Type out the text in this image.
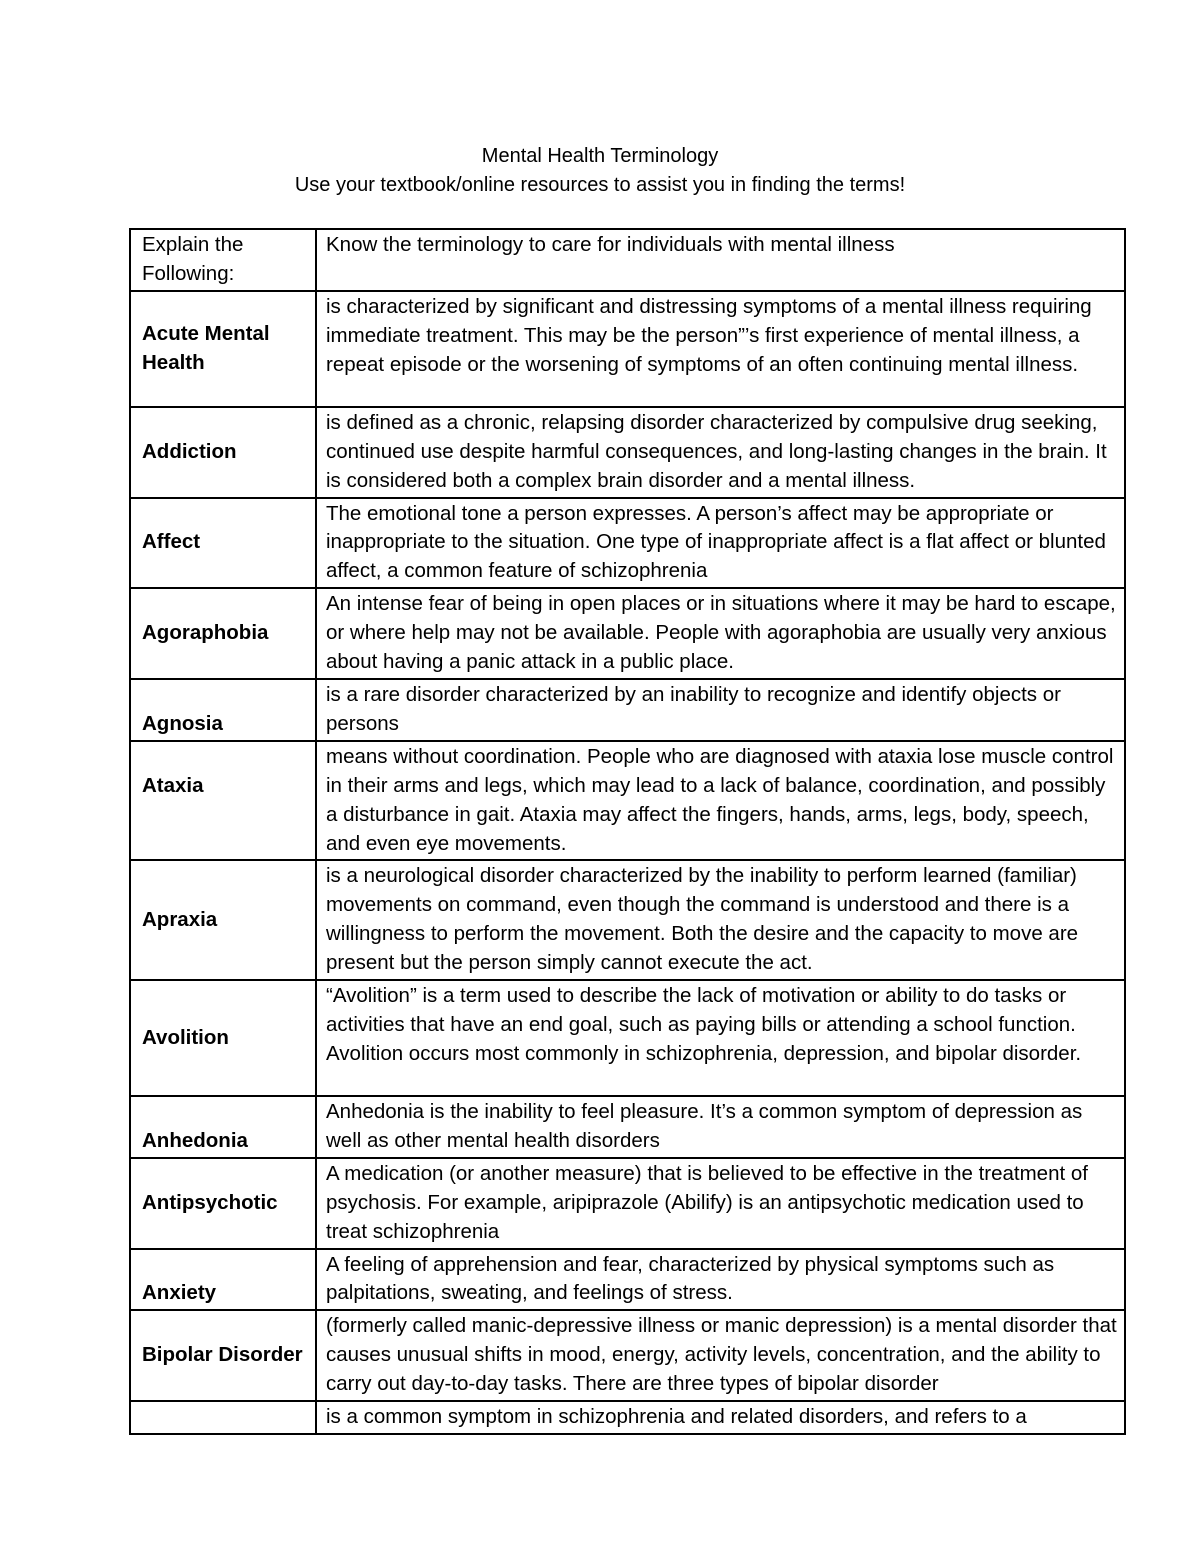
Mental Health Terminology
Use your textbook/online resources to assist you in finding the terms!
Explain the Following:	Know the terminology to care for individuals with mental illness
Acute Mental Health	is characterized by significant and distressing symptoms of a mental illness requiring immediate treatment. This may be the person”’s first experience of mental illness, a repeat episode or the worsening of symptoms of an often continuing mental illness.
Addiction	is defined as a chronic, relapsing disorder characterized by compulsive drug seeking, continued use despite harmful consequences, and long-lasting changes in the brain. It is considered both a complex brain disorder and a mental illness.
Affect	The emotional tone a person expresses. A person’s affect may be appropriate or inappropriate to the situation. One type of inappropriate affect is a flat affect or blunted affect, a common feature of schizophrenia
Agoraphobia	An intense fear of being in open places or in situations where it may be hard to escape, or where help may not be available. People with agoraphobia are usually very anxious about having a panic attack in a public place.
Agnosia	is a rare disorder characterized by an inability to recognize and identify objects or persons
Ataxia	means without coordination. People who are diagnosed with ataxia lose muscle control in their arms and legs, which may lead to a lack of balance, coordination, and possibly a disturbance in gait. Ataxia may affect the fingers, hands, arms, legs, body, speech, and even eye movements.
Apraxia	is a neurological disorder characterized by the inability to perform learned (familiar) movements on command, even though the command is understood and there is a willingness to perform the movement. Both the desire and the capacity to move are present but the person simply cannot execute the act.
Avolition	“Avolition” is a term used to describe the lack of motivation or ability to do tasks or activities that have an end goal, such as paying bills or attending a school function. Avolition occurs most commonly in schizophrenia, depression, and bipolar disorder.
Anhedonia	Anhedonia is the inability to feel pleasure. It’s a common symptom of depression as well as other mental health disorders
Antipsychotic	A medication (or another measure) that is believed to be effective in the treatment of psychosis. For example, aripiprazole (Abilify) is an antipsychotic medication used to treat schizophrenia
Anxiety	A feeling of apprehension and fear, characterized by physical symptoms such as palpitations, sweating, and feelings of stress.
Bipolar Disorder	(formerly called manic-depressive illness or manic depression) is a mental disorder that causes unusual shifts in mood, energy, activity levels, concentration, and the ability to carry out day-to-day tasks. There are three types of bipolar disorder
	is a common symptom in schizophrenia and related disorders, and refers to a
